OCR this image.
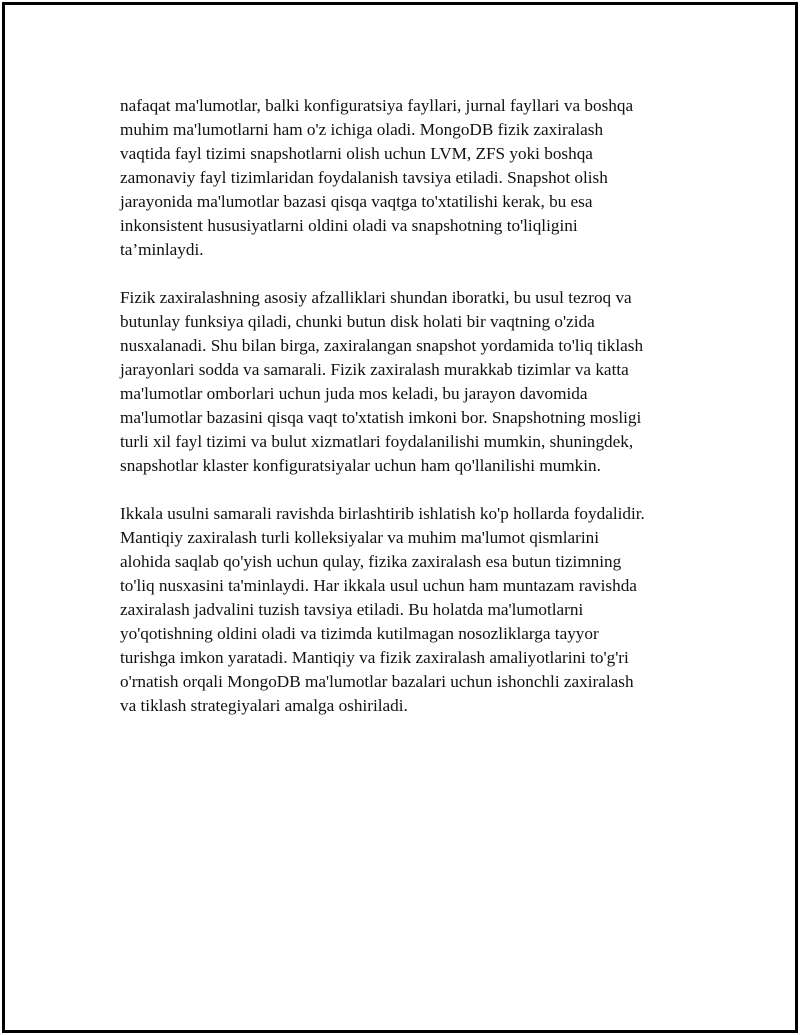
nafaqat ma'lumotlar, balki konfiguratsiya fayllari, jurnal fayllari va boshqa
muhim ma'lumotlarni ham o'z ichiga oladi. MongoDB fizik zaxiralash
vaqtida fayl tizimi snapshotlarni olish uchun LVM, ZFS yoki boshqa
zamonaviy fayl tizimlaridan foydalanish tavsiya etiladi. Snapshot olish
jarayonida ma'lumotlar bazasi qisqa vaqtga to'xtatilishi kerak, bu esa
inkonsistent hususiyatlarni oldini oladi va snapshotning to'liqligini
ta’minlaydi.

Fizik zaxiralashning asosiy afzalliklari shundan iboratki, bu usul tezroq va
butunlay funksiya qiladi, chunki butun disk holati bir vaqtning o'zida
nusxalanadi. Shu bilan birga, zaxiralangan snapshot yordamida to'liq tiklash
jarayonlari sodda va samarali. Fizik zaxiralash murakkab tizimlar va katta
ma'lumotlar omborlari uchun juda mos keladi, bu jarayon davomida
ma'lumotlar bazasini qisqa vaqt to'xtatish imkoni bor. Snapshotning mosligi
turli xil fayl tizimi va bulut xizmatlari foydalanilishi mumkin, shuningdek,
snapshotlar klaster konfiguratsiyalar uchun ham qo'llanilishi mumkin.

Ikkala usulni samarali ravishda birlashtirib ishlatish ko'p hollarda foydalidir.
Mantiqiy zaxiralash turli kolleksiyalar va muhim ma'lumot qismlarini
alohida saqlab qo'yish uchun qulay, fizika zaxiralash esa butun tizimning
to'liq nusxasini ta'minlaydi. Har ikkala usul uchun ham muntazam ravishda
zaxiralash jadvalini tuzish tavsiya etiladi. Bu holatda ma'lumotlarni
yo'qotishning oldini oladi va tizimda kutilmagan nosozliklarga tayyor
turishga imkon yaratadi. Mantiqiy va fizik zaxiralash amaliyotlarini to'g'ri
o'rnatish orqali MongoDB ma'lumotlar bazalari uchun ishonchli zaxiralash
va tiklash strategiyalari amalga oshiriladi.
